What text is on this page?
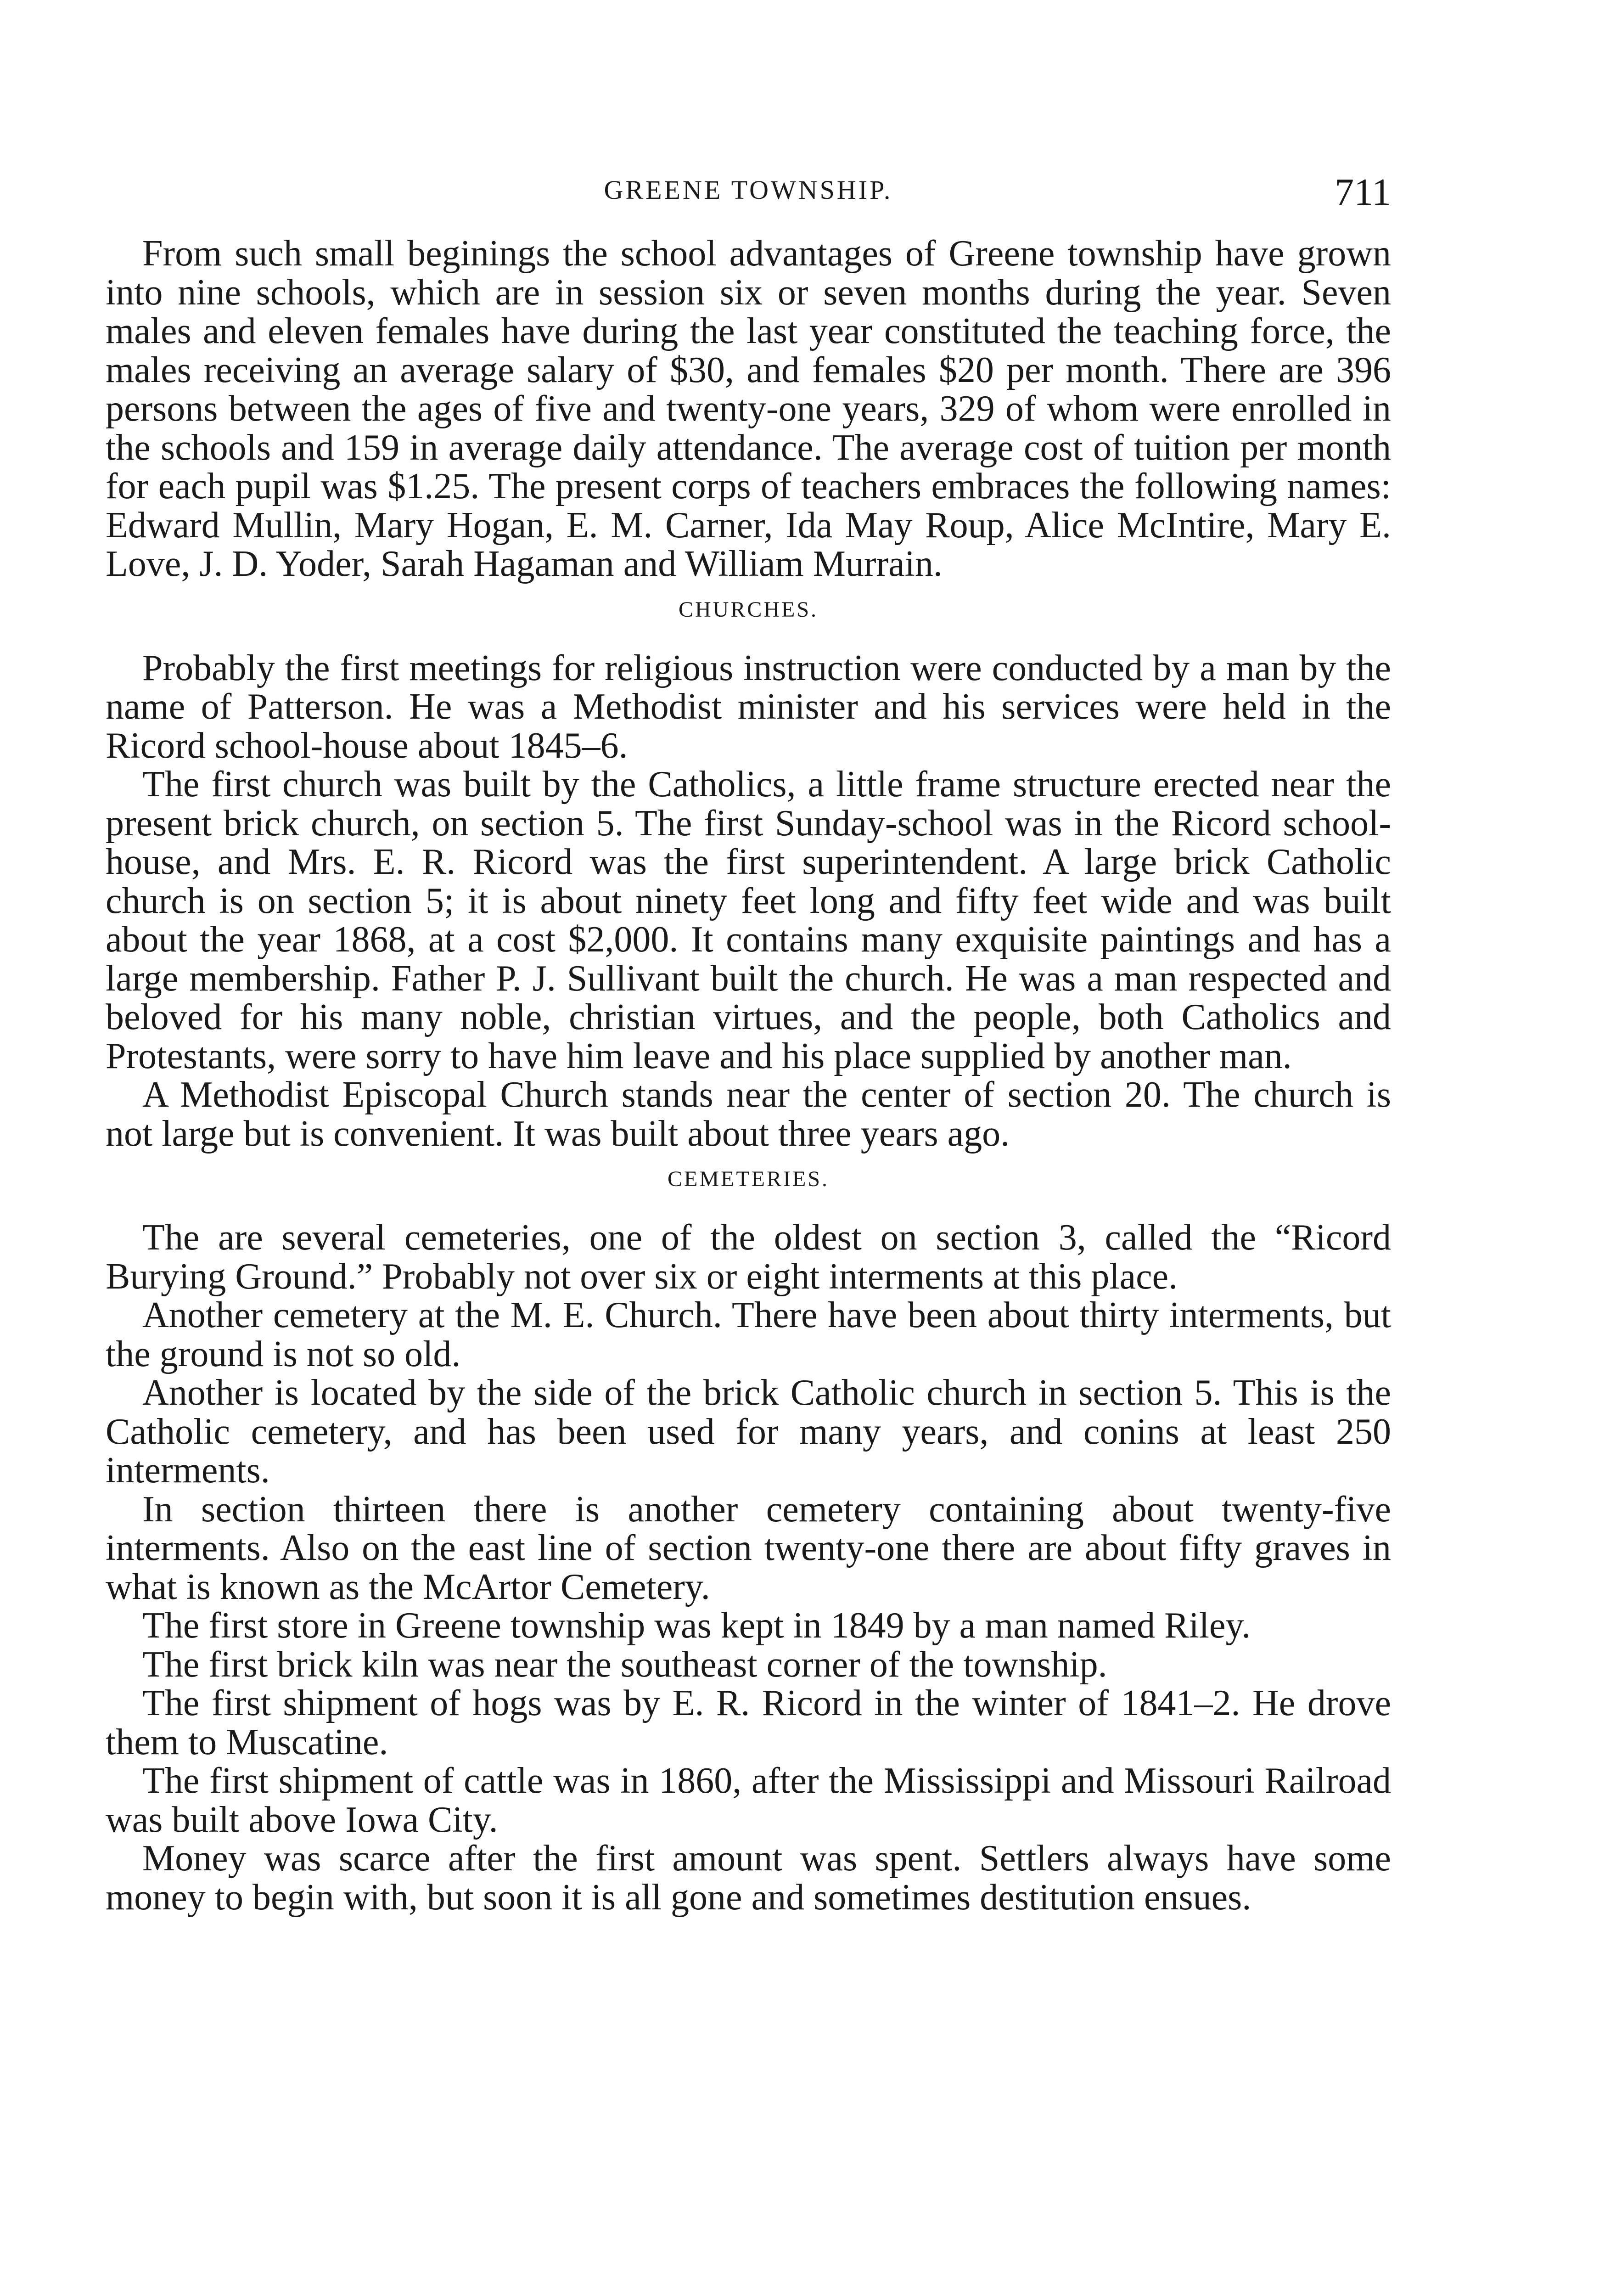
GREENE TOWNSHIP.	711

From such small beginings the school advantages of Greene township have grown into nine schools, which are in session six or seven months during the year. Seven males and eleven females have during the last year constituted the teaching force, the males receiving an average salary of $30, and females $20 per month. There are 396 persons between the ages of five and twenty-one years, 329 of whom were enrolled in the schools and 159 in average daily attendance. The average cost of tuition per month for each pupil was $1.25. The present corps of teachers embraces the following names: Edward Mullin, Mary Hogan, E. M. Carner, Ida May Roup, Alice McIntire, Mary E. Love, J. D. Yoder, Sarah Hagaman and William Murrain.

CHURCHES.

Probably the first meetings for religious instruction were conducted by a man by the name of Patterson. He was a Methodist minister and his services were held in the Ricord school-house about 1845–6.

The first church was built by the Catholics, a little frame structure erected near the present brick church, on section 5. The first Sunday-school was in the Ricord school-house, and Mrs. E. R. Ricord was the first superintendent. A large brick Catholic church is on section 5; it is about ninety feet long and fifty feet wide and was built about the year 1868, at a cost $2,000. It contains many exquisite paintings and has a large membership. Father P. J. Sullivant built the church. He was a man respected and beloved for his many noble, christian virtues, and the people, both Catholics and Protestants, were sorry to have him leave and his place supplied by another man.

A Methodist Episcopal Church stands near the center of section 20. The church is not large but is convenient. It was built about three years ago.

CEMETERIES.

The are several cemeteries, one of the oldest on section 3, called the “Ricord Burying Ground.” Probably not over six or eight interments at this place.

Another cemetery at the M. E. Church. There have been about thirty interments, but the ground is not so old.

Another is located by the side of the brick Catholic church in section 5. This is the Catholic cemetery, and has been used for many years, and conins at least 250 interments.

In section thirteen there is another cemetery containing about twenty-five interments. Also on the east line of section twenty-one there are about fifty graves in what is known as the McArtor Cemetery.

The first store in Greene township was kept in 1849 by a man named Riley.

The first brick kiln was near the southeast corner of the township.

The first shipment of hogs was by E. R. Ricord in the winter of 1841–2. He drove them to Muscatine.

The first shipment of cattle was in 1860, after the Mississippi and Missouri Railroad was built above Iowa City.

Money was scarce after the first amount was spent. Settlers always have some money to begin with, but soon it is all gone and sometimes destitution ensues.
